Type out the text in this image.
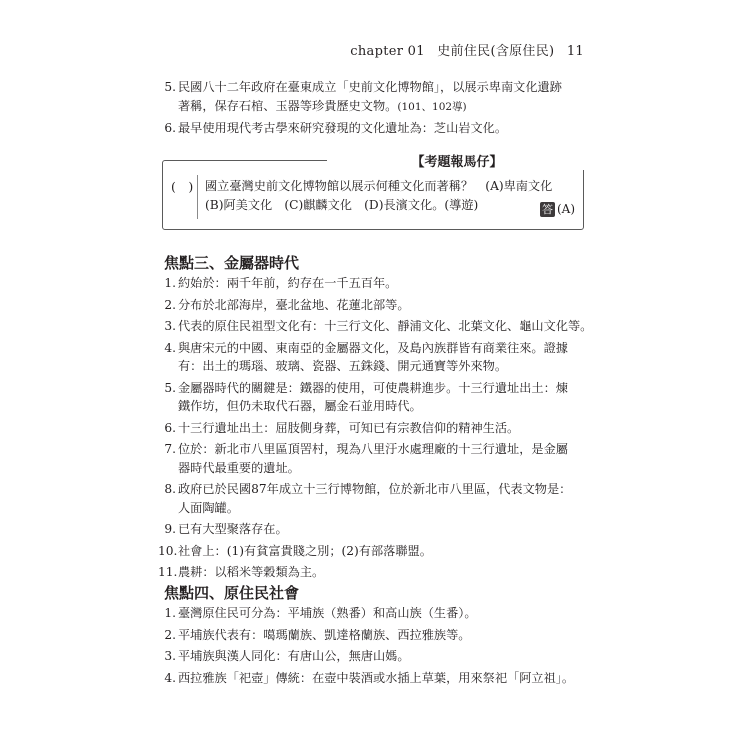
chapter 01 史前住民(含原住民) 11
5. 民國八十二年政府在臺東成立「史前文化博物館」，以展示卑南文化遺跡
著稱，保存石棺、玉器等珍貴歷史文物。(101、102導)
6. 最早使用現代考古學來研究發現的文化遺址為：芝山岩文化。
【考題報馬仔】
(　) 國立臺灣史前文化博物館以展示何種文化而著稱？　(A)卑南文化
(B)阿美文化　(C)麒麟文化　(D)長濱文化。(導遊)	答 (A)
焦點三、金屬器時代
1. 約始於：兩千年前，約存在一千五百年。
2. 分布於北部海岸，臺北盆地、花蓮北部等。
3. 代表的原住民祖型文化有：十三行文化、靜浦文化、北葉文化、龜山文化等。
4. 與唐宋元的中國、東南亞的金屬器文化，及島內族群皆有商業往來。證據
有：出土的瑪瑙、玻璃、瓷器、五銖錢、開元通寶等外來物。
5. 金屬器時代的關鍵是：鐵器的使用，可使農耕進步。十三行遺址出土：煉
鐵作坊，但仍未取代石器，屬金石並用時代。
6. 十三行遺址出土：屈肢側身葬，可知已有宗教信仰的精神生活。
7. 位於：新北市八里區頂罟村，現為八里汙水處理廠的十三行遺址，是金屬
器時代最重要的遺址。
8. 政府已於民國87年成立十三行博物館，位於新北市八里區，代表文物是：
人面陶罐。
9. 已有大型聚落存在。
10. 社會上：(1)有貧富貴賤之別；(2)有部落聯盟。
11. 農耕：以稻米等穀類為主。
焦點四、原住民社會
1. 臺灣原住民可分為：平埔族（熟番）和高山族（生番）。
2. 平埔族代表有：噶瑪蘭族、凱達格蘭族、西拉雅族等。
3. 平埔族與漢人同化：有唐山公，無唐山媽。
4. 西拉雅族「祀壺」傳統：在壺中裝酒或水插上草葉，用來祭祀「阿立祖」。
